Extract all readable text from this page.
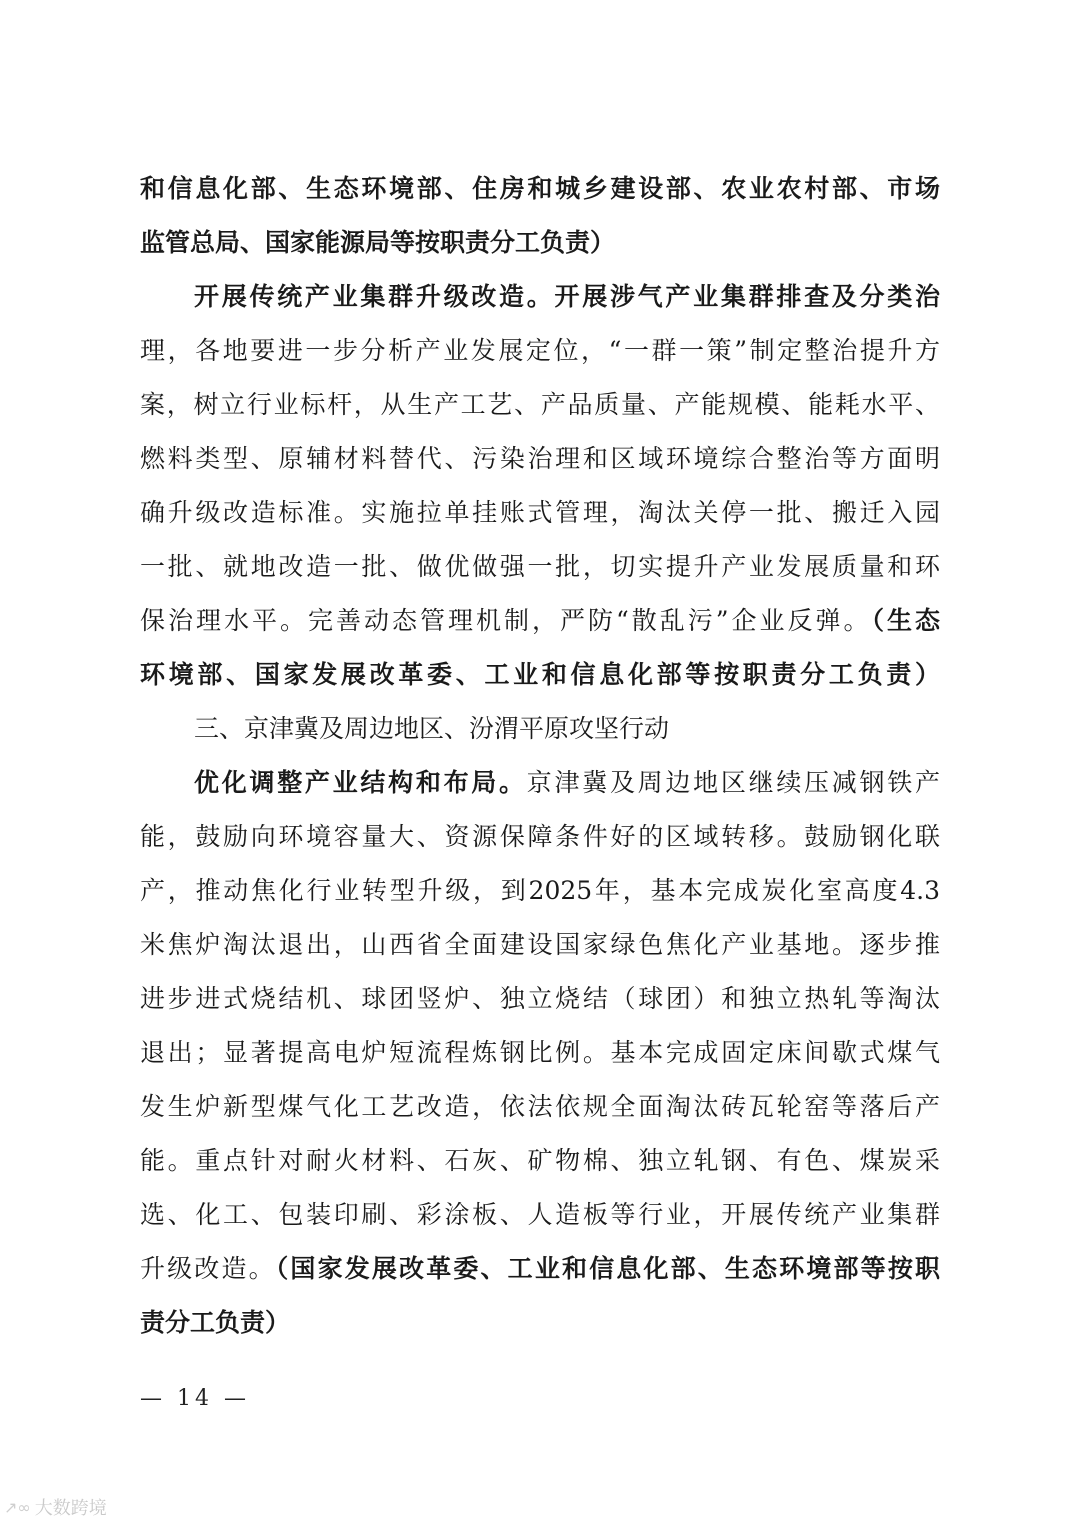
和信息化部、生态环境部、住房和城乡建设部、农业农村部、市场
监管总局、国家能源局等按职责分工负责）
开展传统产业集群升级改造。开展涉气产业集群排查及分类治
理，各地要进一步分析产业发展定位，“一群一策”制定整治提升方
案，树立行业标杆，从生产工艺、产品质量、产能规模、能耗水平、
燃料类型、原辅材料替代、污染治理和区域环境综合整治等方面明
确升级改造标准。实施拉单挂账式管理，淘汰关停一批、搬迁入园
一批、就地改造一批、做优做强一批，切实提升产业发展质量和环
保治理水平。完善动态管理机制，严防“散乱污”企业反弹。（生态
环境部、国家发展改革委、工业和信息化部等按职责分工负责）
三、京津冀及周边地区、汾渭平原攻坚行动
优化调整产业结构和布局。京津冀及周边地区继续压减钢铁产
能，鼓励向环境容量大、资源保障条件好的区域转移。鼓励钢化联
产，推动焦化行业转型升级，到2025年，基本完成炭化室高度4.3
米焦炉淘汰退出，山西省全面建设国家绿色焦化产业基地。逐步推
进步进式烧结机、球团竖炉、独立烧结（球团）和独立热轧等淘汰
退出；显著提高电炉短流程炼钢比例。基本完成固定床间歇式煤气
发生炉新型煤气化工艺改造，依法依规全面淘汰砖瓦轮窑等落后产
能。重点针对耐火材料、石灰、矿物棉、独立轧钢、有色、煤炭采
选、化工、包装印刷、彩涂板、人造板等行业，开展传统产业集群
升级改造。（国家发展改革委、工业和信息化部、生态环境部等按职
责分工负责）
— 14 —
↗∞ 大数跨境
